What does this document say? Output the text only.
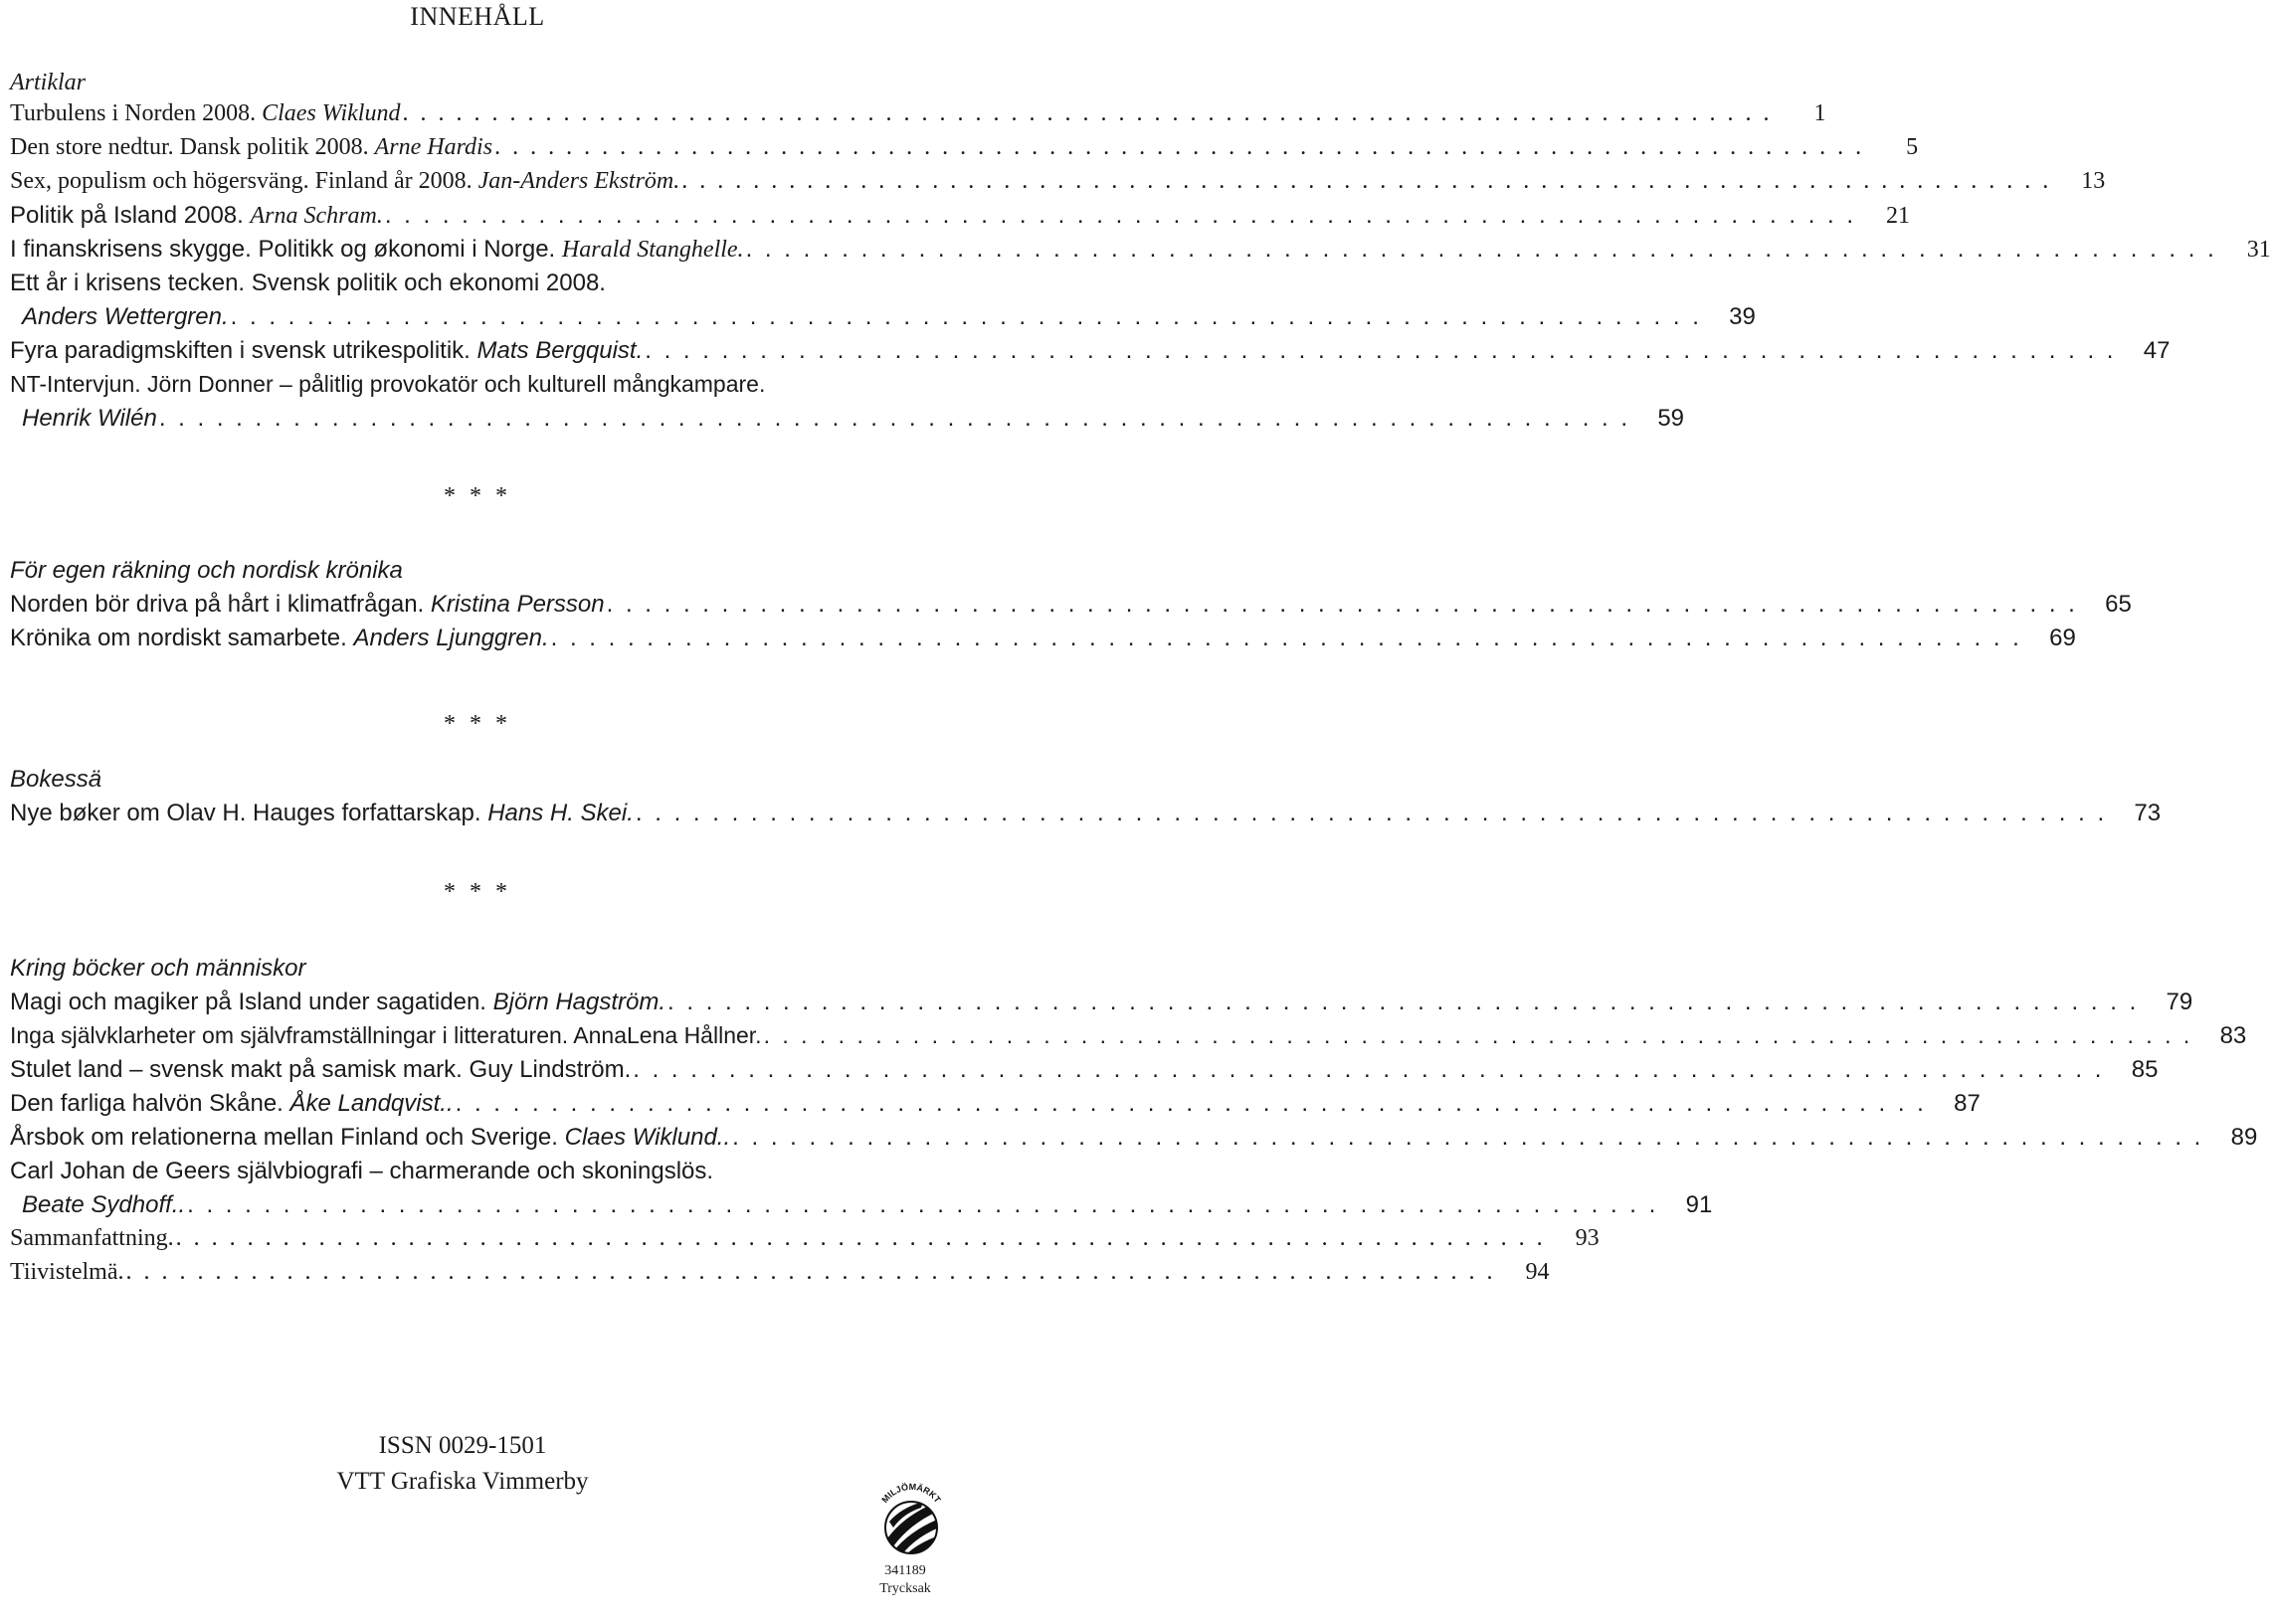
INNEHÅLL
Artiklar
Turbulens i Norden 2008.
Claes Wiklund . . . . . . . . . . . . . . . . . . . . . . . . . . . . . . . . . . . . . . . . . . . . . . . . . . . . . . . . . . . . . . . . . . . . . . . . . . . . .	1
Den store nedtur. Dansk politik 2008.
Arne Hardis . . . . . . . . . . . . . . . . . . . . . . . . . . . . . . . . . . . . . . . . . . . . . . . . . . . . . . . . . . . . . . . . . . . . . . . . . . . . .	5
Sex, populism och högersväng. Finland år 2008.
Jan-Anders Ekström. . . . . . . . . . . . . . . . . . . . . . . . . . . . . . . . . . . . . . . . . . . . . . . . . . . . . . . . . . . . . . . . . . . . . . . . . . . . . .	13
Politik på Island 2008.
Arna Schram. . . . . . . . . . . . . . . . . . . . . . . . . . . . . . . . . . . . . . . . . . . . . . . . . . . . . . . . . . . . . . . . . . . . . . . . . . . . . .	21
I finanskrisens skygge. Politikk og økonomi i Norge.
Harald Stanghelle. . . . . . . . . . . . . . . . . . . . . . . . . . . . . . . . . . . . . . . . . . . . . . . . . . . . . . . . . . . . . . . . . . . . . . . . . . . . . .	31
Ett år i krisens tecken. Svensk politik och ekonomi 2008.
Anders Wettergren. . . . . . . . . . . . . . . . . . . . . . . . . . . . . . . . . . . . . . . . . . . . . . . . . . . . . . . . . . . . . . . . . . . . . . . . . . . . . .	39
Fyra paradigmskiften i svensk utrikespolitik.
Mats Bergquist. . . . . . . . . . . . . . . . . . . . . . . . . . . . . . . . . . . . . . . . . . . . . . . . . . . . . . . . . . . . . . . . . . . . . . . . . . . . . .	47
NT-Intervjun. Jörn Donner – pålitlig provokatör och kulturell mångkampare.
Henrik Wilén . . . . . . . . . . . . . . . . . . . . . . . . . . . . . . . . . . . . . . . . . . . . . . . . . . . . . . . . . . . . . . . . . . . . . . . . . . . . .	59
* * *
För egen räkning och nordisk krönika
Norden bör driva på hårt i klimatfrågan.
Kristina Persson . . . . . . . . . . . . . . . . . . . . . . . . . . . . . . . . . . . . . . . . . . . . . . . . . . . . . . . . . . . . . . . . . . . . . . . . . . . . .	65
Krönika om nordiskt samarbete.
Anders Ljunggren. . . . . . . . . . . . . . . . . . . . . . . . . . . . . . . . . . . . . . . . . . . . . . . . . . . . . . . . . . . . . . . . . . . . . . . . . . . . . .	69
* * *
Bokessä
Nye bøker om Olav H. Hauges forfattarskap.
Hans H. Skei. . . . . . . . . . . . . . . . . . . . . . . . . . . . . . . . . . . . . . . . . . . . . . . . . . . . . . . . . . . . . . . . . . . . . . . . . . . . . .	73
* * *
Kring böcker och människor
Magi och magiker på Island under sagatiden.
Björn Hagström. . . . . . . . . . . . . . . . . . . . . . . . . . . . . . . . . . . . . . . . . . . . . . . . . . . . . . . . . . . . . . . . . . . . . . . . . . . . . .	79
Inga självklarheter om självframställningar i litteraturen. AnnaLena Hållner. . . . . . . . . . . . . . . . . . . . . . . . . . . . . . . . . . . . . . . . . . . . . . . . . . . . . . . . . . . . . . . . . . . . . . . . . . . . . .	83
Stulet land – svensk makt på samisk mark. Guy Lindström. . . . . . . . . . . . . . . . . . . . . . . . . . . . . . . . . . . . . . . . . . . . . . . . . . . . . . . . . . . . . . . . . . . . . . . . . . . . . .	85
Den farliga halvön Skåne.
Åke Landqvist.. . . . . . . . . . . . . . . . . . . . . . . . . . . . . . . . . . . . . . . . . . . . . . . . . . . . . . . . . . . . . . . . . . . . . . . . . . . . . .	87
Årsbok om relationerna mellan Finland och Sverige.
Claes Wiklund.. . . . . . . . . . . . . . . . . . . . . . . . . . . . . . . . . . . . . . . . . . . . . . . . . . . . . . . . . . . . . . . . . . . . . . . . . . . . . .	89
Carl Johan de Geers självbiografi – charmerande och skoningslös.
Beate Sydhoff.. . . . . . . . . . . . . . . . . . . . . . . . . . . . . . . . . . . . . . . . . . . . . . . . . . . . . . . . . . . . . . . . . . . . . . . . . . . . . .	91
Sammanfattning. . . . . . . . . . . . . . . . . . . . . . . . . . . . . . . . . . . . . . . . . . . . . . . . . . . . . . . . . . . . . . . . . . . . . . . . . . . . . .	93
Tiivistelmä. . . . . . . . . . . . . . . . . . . . . . . . . . . . . . . . . . . . . . . . . . . . . . . . . . . . . . . . . . . . . . . . . . . . . . . . . . . . . .	94
ISSN 0029-1501
VTT Grafiska Vimmerby
MILJÖMÄRKT
341189
Trycksak
